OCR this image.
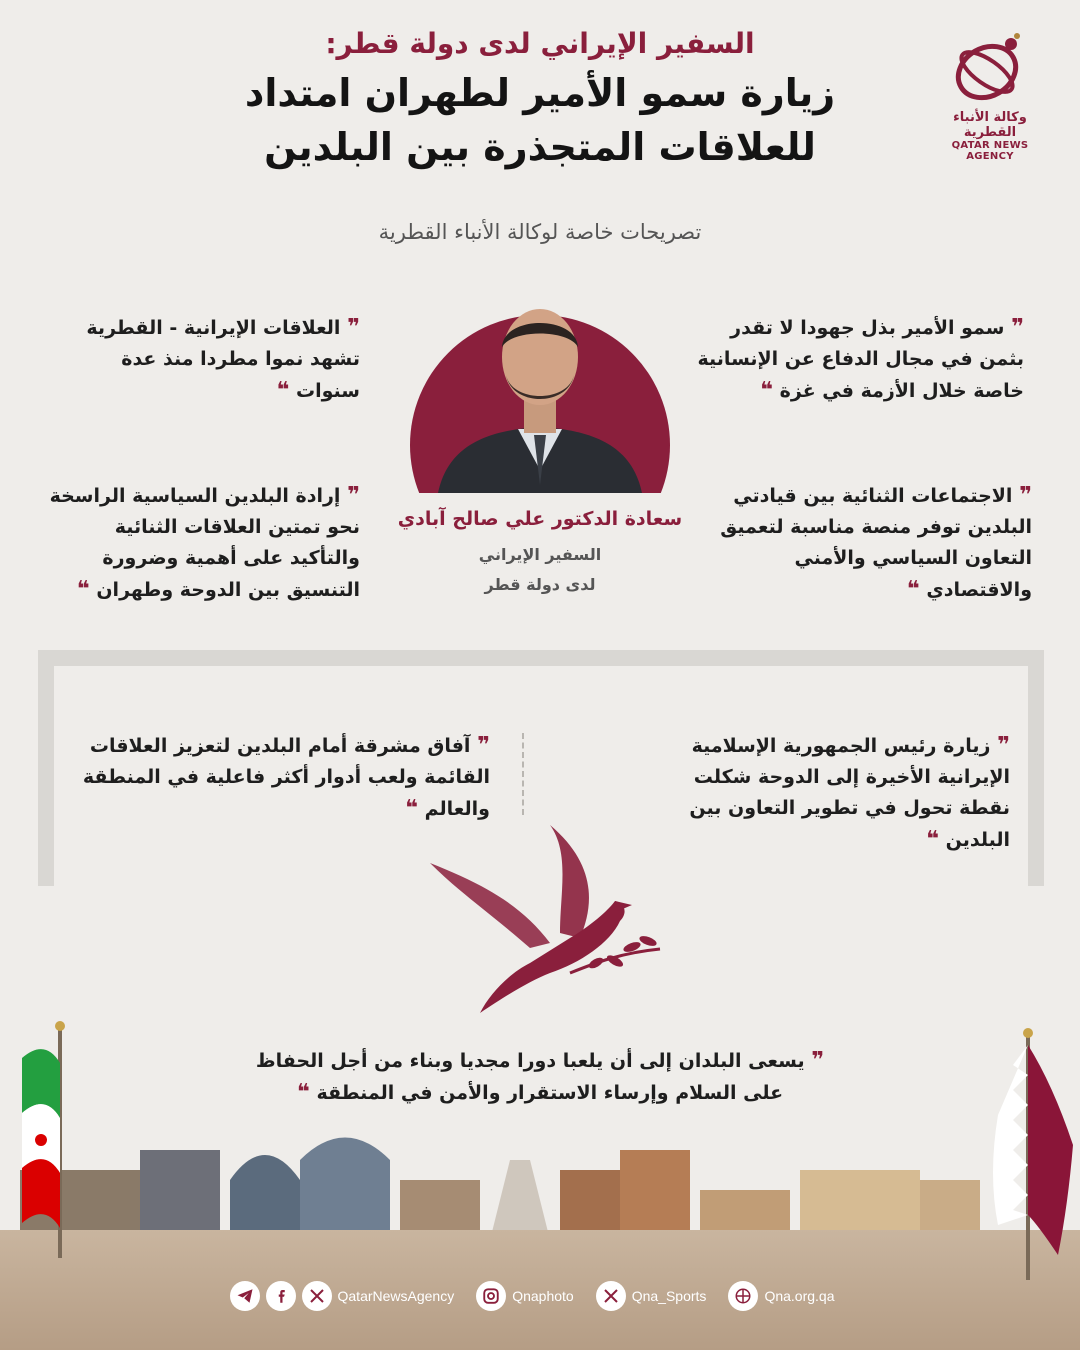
وكالة الأنباء القطرية
QATAR NEWS AGENCY
السفير الإيراني لدى دولة قطر:
زيارة سمو الأمير لطهران امتداد
للعلاقات المتجذرة بين البلدين
تصريحات خاصة لوكالة الأنباء القطرية
❞ سمو الأمير بذل جهودا لا تقدر بثمن في مجال الدفاع عن الإنسانية خاصة خلال الأزمة في غزة ❝
❞ العلاقات الإيرانية - القطرية تشهد نموا مطردا منذ عدة سنوات ❝
❞ الاجتماعات الثنائية بين قيادتي البلدين توفر منصة مناسبة لتعميق التعاون السياسي والأمني والاقتصادي ❝
❞ إرادة البلدين السياسية الراسخة نحو تمتين العلاقات الثنائية والتأكيد على أهمية وضرورة التنسيق بين الدوحة وطهران ❝
سعادة الدكتور علي صالح آبادي
السفير الإيراني
لدى دولة قطر
❞ زيارة رئيس الجمهورية الإسلامية الإيرانية الأخيرة إلى الدوحة شكلت نقطة تحول في تطوير التعاون بين البلدين ❝
❞ آفاق مشرقة أمام البلدين لتعزيز العلاقات القائمة ولعب أدوار أكثر فاعلية في المنطقة والعالم ❝
❞ يسعى البلدان إلى أن يلعبا دورا مجديا وبناء من أجل الحفاظ على السلام وإرساء الاستقرار والأمن في المنطقة ❝
QatarNewsAgency	Qnaphoto	Qna_Sports	Qna.org.qa
